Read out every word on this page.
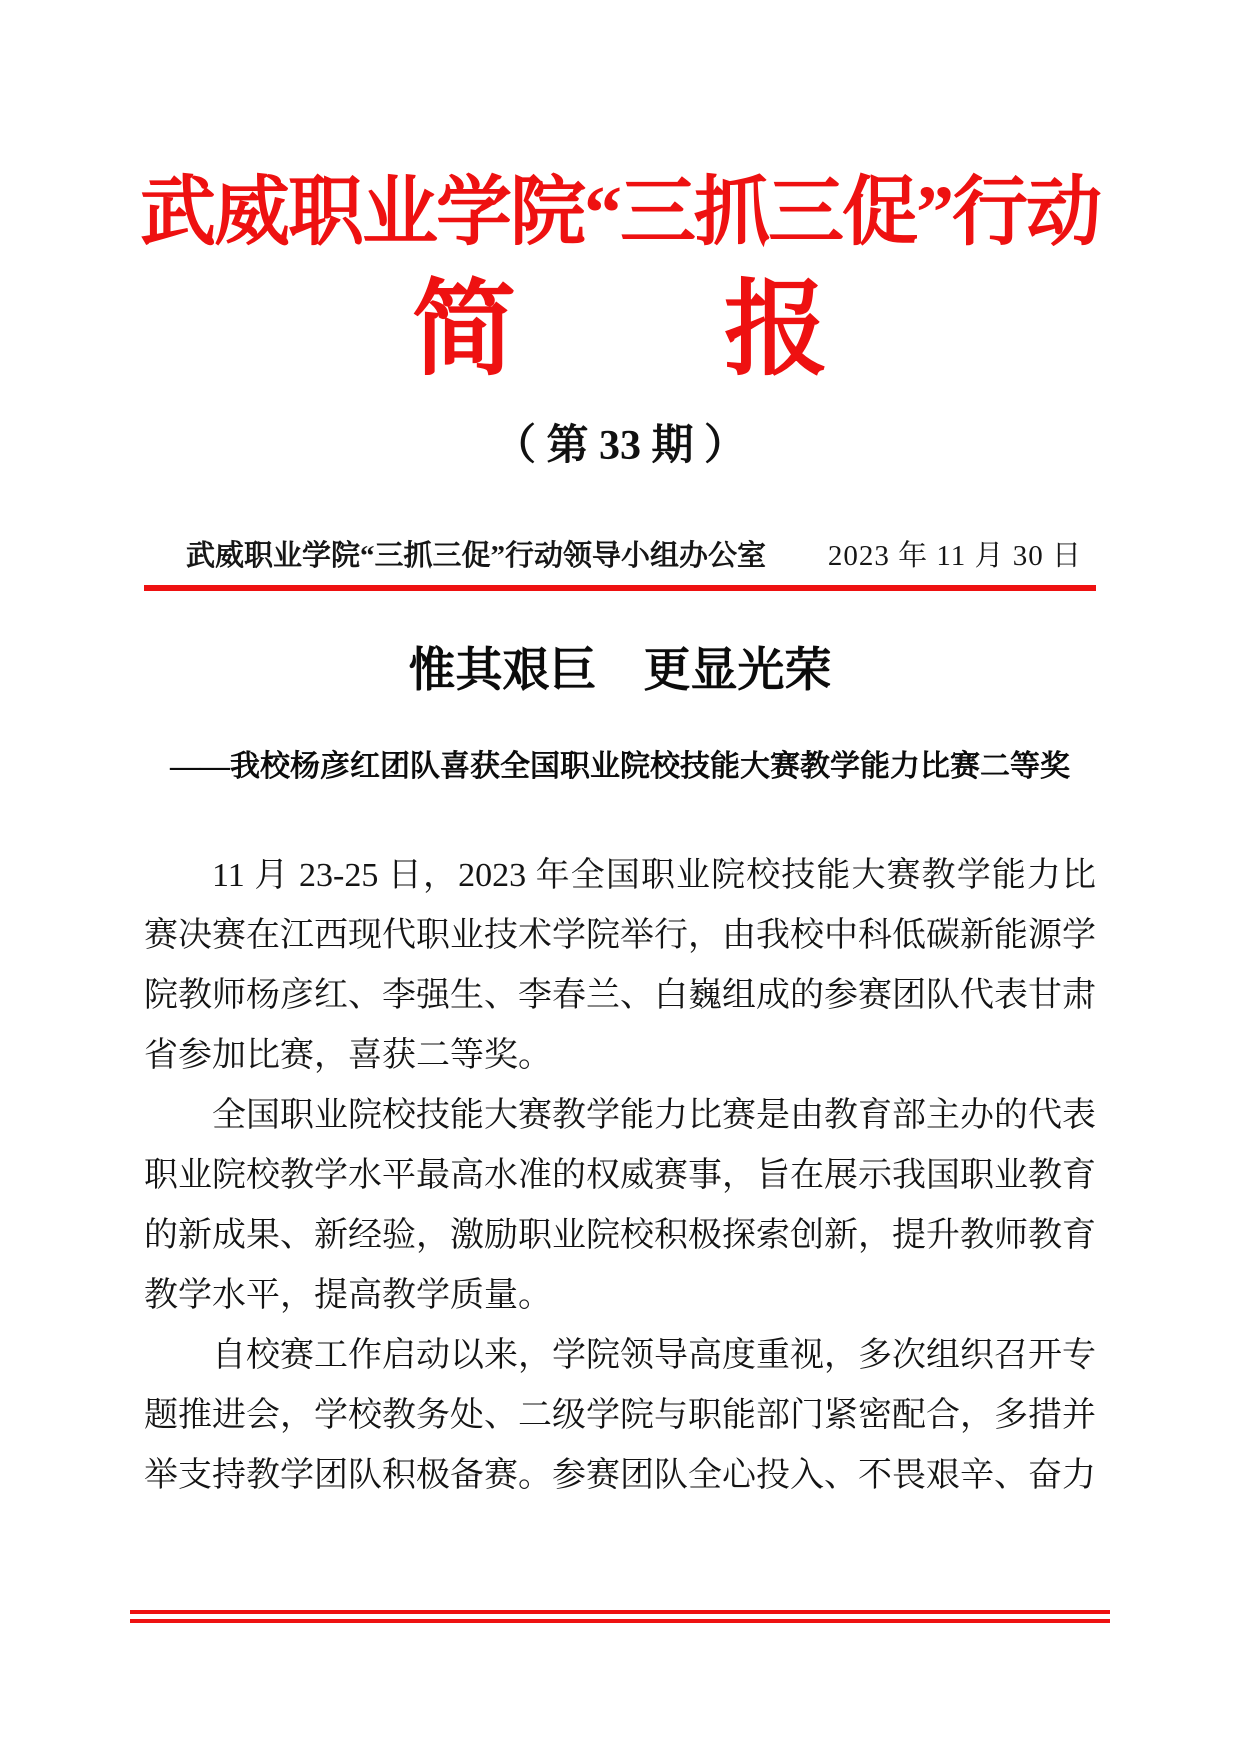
武威职业学院“三抓三促”行动
简　　报
（ 第 33 期 ）
武威职业学院“三抓三促”行动领导小组办公室 2023 年 11 月 30 日
惟其艰巨　更显光荣
——我校杨彦红团队喜获全国职业院校技能大赛教学能力比赛二等奖

11 月 23-25 日，2023 年全国职业院校技能大赛教学能力比赛决赛在江西现代职业技术学院举行，由我校中科低碳新能源学院教师杨彦红、李强生、李春兰、白巍组成的参赛团队代表甘肃省参加比赛，喜获二等奖。

全国职业院校技能大赛教学能力比赛是由教育部主办的代表职业院校教学水平最高水准的权威赛事，旨在展示我国职业教育的新成果、新经验，激励职业院校积极探索创新，提升教师教育教学水平，提高教学质量。

自校赛工作启动以来，学院领导高度重视，多次组织召开专题推进会，学校教务处、二级学院与职能部门紧密配合，多措并举支持教学团队积极备赛。参赛团队全心投入、不畏艰辛、奋力
